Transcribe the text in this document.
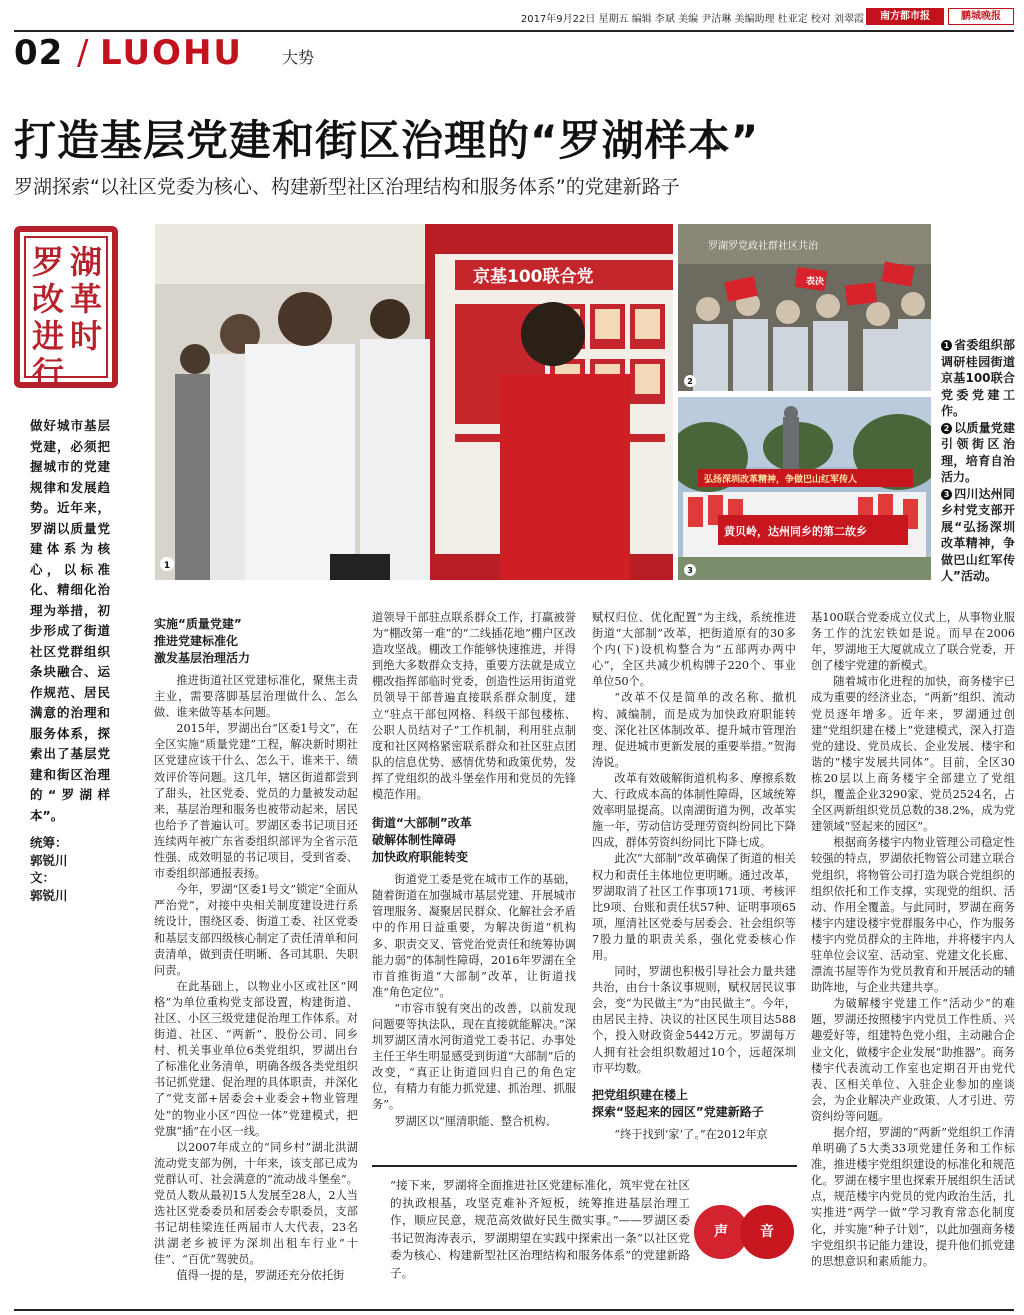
2017年9月22日 星期五 编辑 李斌 美编 尹洁琳 美编助理 杜亚定 校对 刘翠霞	南方都市报	鹏城晚报
02 / LUOHU 大势
打造基层党建和街区治理的“罗湖样本”
罗湖探索“以社区党委为核心、构建新型社区治理结构和服务体系”的党建新路子
湖革时
罗改进行
做好城市基层党建，必须把握城市的党建规律和发展趋势。近年来，罗湖以质量党建体系为核心，以标准化、精细化治理为举措，初步形成了街道社区党群组织条块融合、运作规范、居民满意的治理和服务体系，探索出了基层党建和街区治理的“罗湖样本”。
统筹：
郭锐川
文：
郭锐川
京基100联合党
1
罗湖罗党政社群社区共治
表决
2
弘扬深圳改革精神，争做巴山红军传人
黄贝岭，达州同乡的第二故乡
3

1 省委组织部调研桂园街道京基100联合党委党建工作。

2 以质量党建引领街区治理，培育自治活力。

3 四川达州同乡村党支部开展“弘扬深圳改革精神，争做巴山红军传人”活动。

实施“质量党建”
推进党建标准化
激发基层治理活力

推进街道社区党建标准化，聚焦主责主业，需要落脚基层治理做什么、怎么做、谁来做等基本问题。

2015年，罗湖出台“区委1号文”，在全区实施“质量党建”工程，解决新时期社区党建应该干什么、怎么干、谁来干、绩效评价等问题。这几年，辖区街道都尝到了甜头，社区党委、党员的力量被发动起来，基层治理和服务也被带动起来，居民也给予了普遍认可。罗湖区委书记项目还连续两年被广东省委组织部评为全省示范性强、成效明显的书记项目，受到省委、市委组织部通报表扬。

今年，罗湖“区委1号文”锁定“全面从严治党”，对接中央相关制度建设进行系统设计，围绕区委、街道工委、社区党委和基层支部四级核心制定了责任清单和问责清单，做到责任明晰、各司其职、失职问责。

在此基础上，以物业小区或社区“网格”为单位重构党支部设置，构建街道、社区、小区三级党建促治理工作体系。对街道、社区、“两新”、股份公司、同乡村、机关事业单位6类党组织，罗湖出台了标准化业务清单，明确各级各类党组织书记抓党建、促治理的具体职责，并深化了“党支部+居委会+业委会+物业管理处”的物业小区“四位一体”党建模式，把党旗“插”在小区一线。

以2007年成立的“同乡村”湖北洪湖流动党支部为例，十年来，该支部已成为党群认可、社会满意的“流动战斗堡垒”。党员人数从最初15人发展至28人，2人当选社区党委委员和居委会专职委员，支部书记胡桂梁连任两届市人大代表，23名洪湖老乡被评为深圳出租车行业“十佳”、“百优”驾驶员。

值得一提的是，罗湖还充分依托街

道领导干部驻点联系群众工作，打赢被誉为“棚改第一难”的“二线插花地”棚户区改造攻坚战。棚改工作能够快速推进，并得到绝大多数群众支持，重要方法就是成立棚改指挥部临时党委，创造性运用街道党员领导干部普遍直接联系群众制度，建立“驻点干部包网格、科级干部包楼栋、公职人员结对子”工作机制，利用驻点制度和社区网格紧密联系群众和社区驻点团队的信息优势、感情优势和政策优势，发挥了党组织的战斗堡垒作用和党员的先锋模范作用。

街道“大部制”改革
破解体制性障碍
加快政府职能转变

街道党工委是党在城市工作的基础，随着街道在加强城市基层党建、开展城市管理服务、凝聚居民群众、化解社会矛盾中的作用日益重要，为解决街道“机构多、职责交叉、管党治党责任和统筹协调能力弱”的体制性障碍，2016年罗湖在全市首推街道“大部制”改革，让街道找准“角色定位”。

“市容市貌有突出的改善，以前发现问题要等执法队，现在直接就能解决。”深圳罗湖区清水河街道党工委书记、办事处主任王华生明显感受到街道“大部制”后的改变，“真正让街道回归自己的角色定位，有精力有能力抓党建、抓治理、抓服务”。

罗湖区以“厘清职能、整合机构、

赋权归位、优化配置”为主线，系统推进街道“大部制”改革，把街道原有的30多个内(下)设机构整合为“五部两办两中心”，全区共减少机构牌子220个、事业单位50个。

“改革不仅是简单的改名称、撤机构、减编制，而是成为加快政府职能转变、深化社区体制改革、提升城市管理治理、促进城市更新发展的重要举措。”贺海涛说。

改革有效破解街道机构多、摩擦系数大、行政成本高的体制性障碍，区域统筹效率明显提高。以南湖街道为例，改革实施一年，劳动信访受理劳资纠纷同比下降四成，群体劳资纠纷同比下降七成。

此次“大部制”改革确保了街道的相关权力和责任主体地位更明晰。通过改革，罗湖取消了社区工作事项171项、考核评比9项、台账和责任状57种、证明事项65项，厘清社区党委与居委会、社会组织等7股力量的职责关系，强化党委核心作用。

同时，罗湖也积极引导社会力量共建共治，由台十条议事规则，赋权居民议事会，变“为民做主”为“由民做主”。今年，由居民主持、决议的社区民生项目达588个，投入财政资金5442万元。罗湖每万人拥有社会组织数超过10个，远超深圳市平均数。

把党组织建在楼上
探索“竖起来的园区”党建新路子

“终于找到‘家’了。”在2012年京

基100联合党委成立仪式上，从事物业服务工作的沈宏铁如是说。而早在2006年，罗湖地王大厦就成立了联合党委，开创了楼宇党建的新模式。

随着城市化进程的加快，商务楼宇已成为重要的经济业态，“两新”组织、流动党员逐年增多。近年来，罗湖通过创建“党组织建在楼上”党建模式，深入打造党的建设、党员成长、企业发展、楼宇和谐的“楼宇发展共同体”。目前，全区30栋20层以上商务楼宇全部建立了党组织，覆盖企业3290家、党员2524名，占全区两新组织党员总数的38.2%，成为党建领域“竖起来的园区”。

根据商务楼宇内物业管理公司稳定性较强的特点，罗湖依托物管公司建立联合党组织，将物管公司打造为联合党组织的组织依托和工作支撑，实现党的组织、活动、作用全覆盖。与此同时，罗湖在商务楼宇内建设楼宇党群服务中心，作为服务楼宇内党员群众的主阵地，并将楼宇内人驻单位会议室、活动室、党建文化长廊、漂流书屋等作为党员教育和开展活动的辅助阵地，与企业共建共享。

为破解楼宇党建工作“活动少”的难题，罗湖还按照楼宇内党员工作性质、兴趣爱好等，组建特色党小组，主动融合企业文化，做楼宇企业发展“助推器”。商务楼宇代表流动工作室也定期召开由党代表、区相关单位、入驻企业参加的座谈会，为企业解决产业政策、人才引进、劳资纠纷等问题。

据介绍，罗湖的“两新”党组织工作清单明确了5大类33项党建任务和工作标准，推进楼宇党组织建设的标准化和规范化。罗湖在楼宇里也探索开展组织生活试点，规范楼宇内党员的党内政治生活，扎实推进“两学一做”学习教育常态化制度化，并实施“种子计划”，以此加强商务楼宇党组织书记能力建设，提升他们抓党建的思想意识和素质能力。

“接下来，罗湖将全面推进社区党建标准化，筑牢党在社区的执政根基，攻坚克难补齐短板，统筹推进基层治理工作，顺应民意，规范高效做好民生微实事。”——罗湖区委书记贺海涛表示，罗湖期望在实践中探索出一条“以社区党委为核心、构建新型社区治理结构和服务体系”的党建新路子。
声	音
